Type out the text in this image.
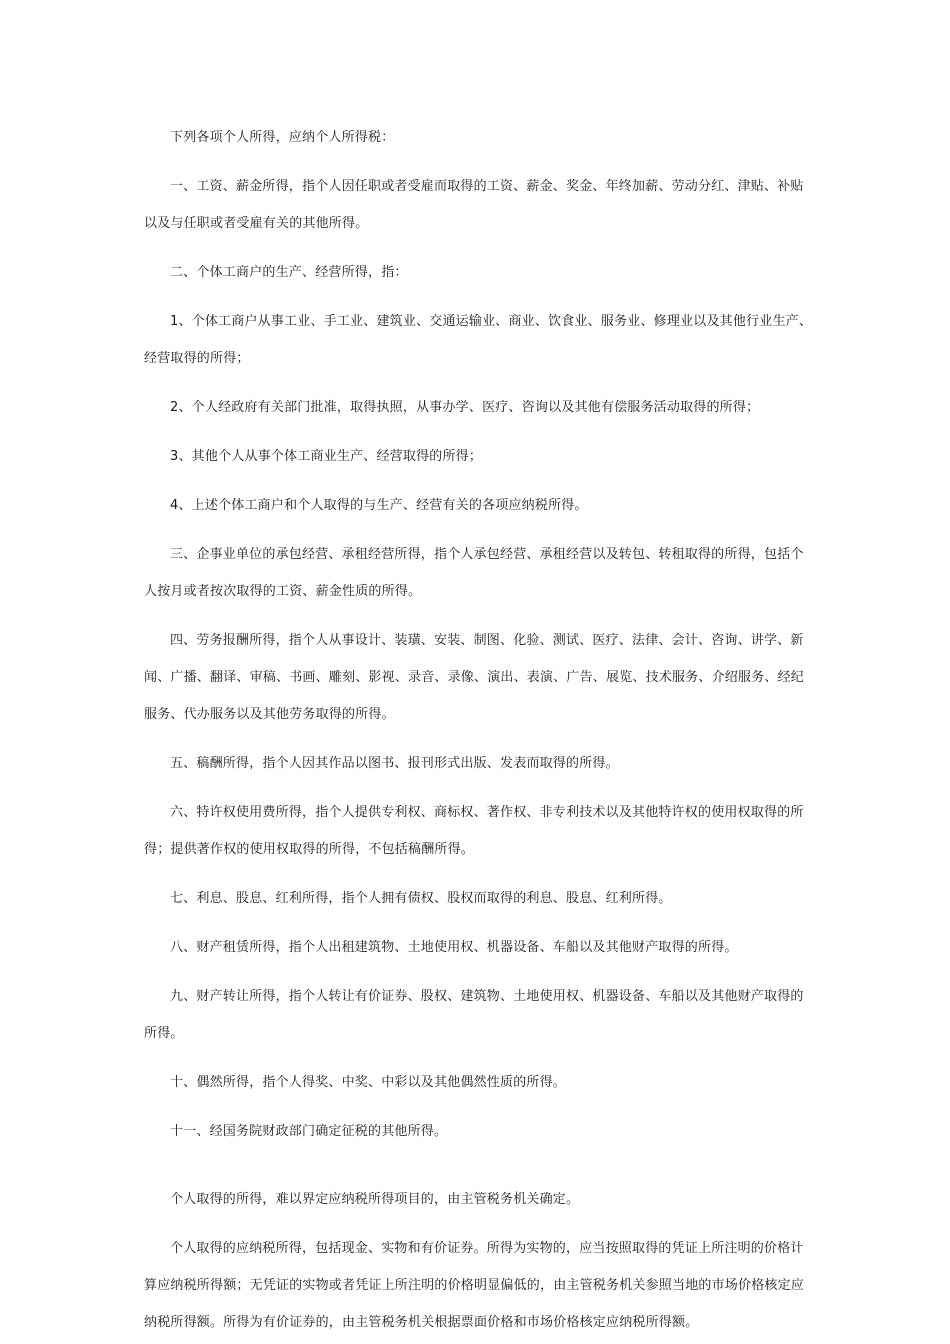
下列各项个人所得，应纳个人所得税：
一、工资、薪金所得，指个人因任职或者受雇而取得的工资、薪金、奖金、年终加薪、劳动分红、津贴、补贴以及与任职或者受雇有关的其他所得。
二、个体工商户的生产、经营所得，指：
1、个体工商户从事工业、手工业、建筑业、交通运输业、商业、饮食业、服务业、修理业以及其他行业生产、经营取得的所得；
2、个人经政府有关部门批准，取得执照，从事办学、医疗、咨询以及其他有偿服务活动取得的所得；
3、其他个人从事个体工商业生产、经营取得的所得；
4、上述个体工商户和个人取得的与生产、经营有关的各项应纳税所得。
三、企事业单位的承包经营、承租经营所得，指个人承包经营、承租经营以及转包、转租取得的所得，包括个人按月或者按次取得的工资、薪金性质的所得。
四、劳务报酬所得，指个人从事设计、装璜、安装、制图、化验、测试、医疗、法律、会计、咨询、讲学、新闻、广播、翻译、审稿、书画、雕刻、影视、录音、录像、演出、表演、广告、展览、技术服务、介绍服务、经纪服务、代办服务以及其他劳务取得的所得。
五、稿酬所得，指个人因其作品以图书、报刊形式出版、发表而取得的所得。
六、特许权使用费所得，指个人提供专利权、商标权、著作权、非专利技术以及其他特许权的使用权取得的所得；提供著作权的使用权取得的所得，不包括稿酬所得。
七、利息、股息、红利所得，指个人拥有债权、股权而取得的利息、股息、红利所得。
八、财产租赁所得，指个人出租建筑物、土地使用权、机器设备、车船以及其他财产取得的所得。
九、财产转让所得，指个人转让有价证券、股权、建筑物、土地使用权、机器设备、车船以及其他财产取得的所得。
十、偶然所得，指个人得奖、中奖、中彩以及其他偶然性质的所得。
十一、经国务院财政部门确定征税的其他所得。
个人取得的所得，难以界定应纳税所得项目的，由主管税务机关确定。
个人取得的应纳税所得，包括现金、实物和有价证券。所得为实物的，应当按照取得的凭证上所注明的价格计算应纳税所得额；无凭证的实物或者凭证上所注明的价格明显偏低的，由主管税务机关参照当地的市场价格核定应纳税所得额。所得为有价证券的，由主管税务机关根据票面价格和市场价格核定应纳税所得额。
